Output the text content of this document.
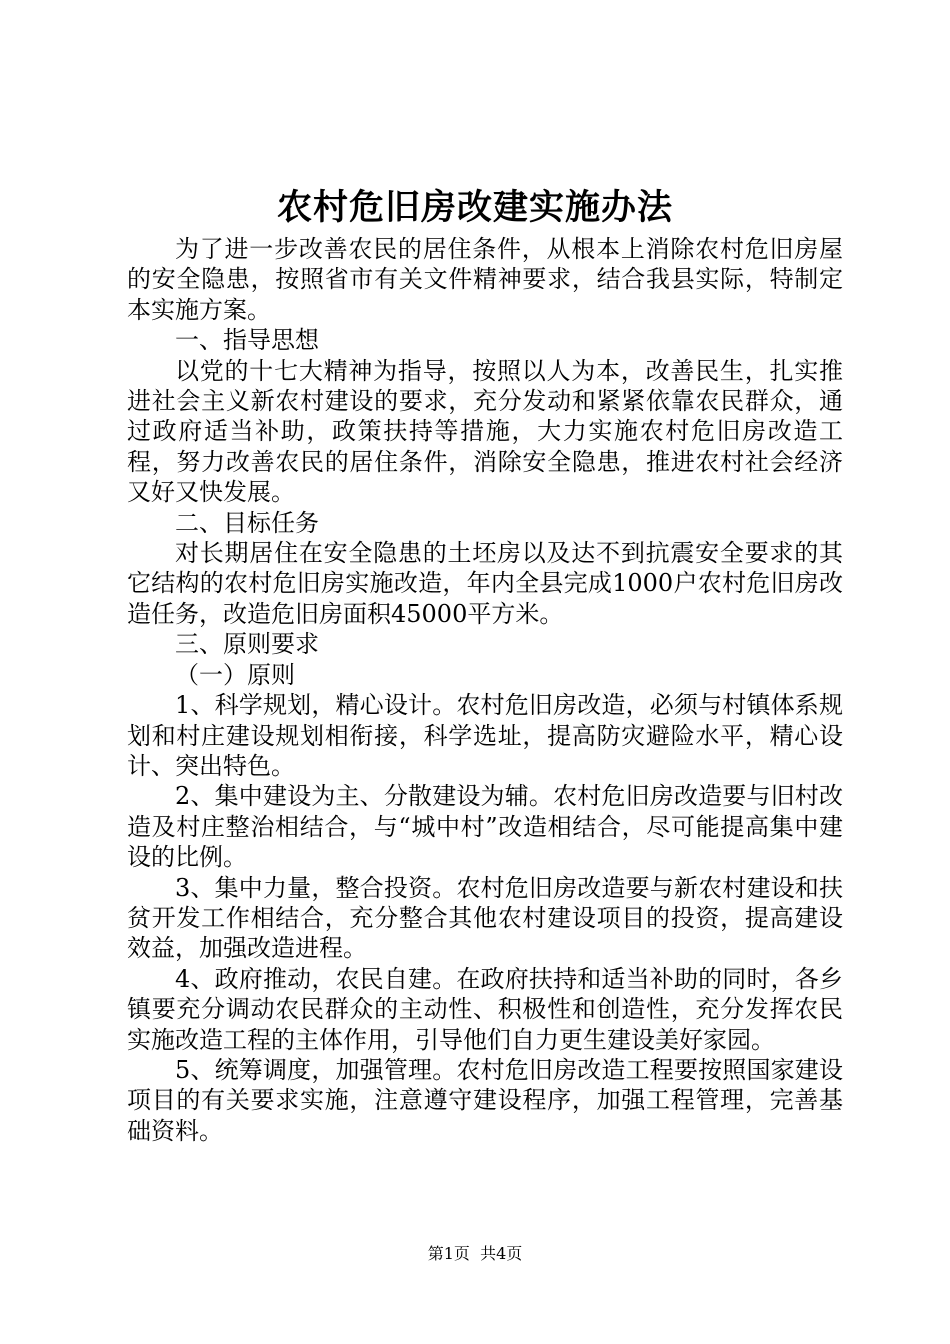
农村危旧房改建实施办法

为了进一步改善农民的居住条件，从根本上消除农村危旧房屋的安全隐患，按照省市有关文件精神要求，结合我县实际，特制定本实施方案。

一、指导思想

以党的十七大精神为指导，按照以人为本，改善民生，扎实推进社会主义新农村建设的要求，充分发动和紧紧依靠农民群众，通过政府适当补助，政策扶持等措施，大力实施农村危旧房改造工程，努力改善农民的居住条件，消除安全隐患，推进农村社会经济又好又快发展。

二、目标任务

对长期居住在安全隐患的土坯房以及达不到抗震安全要求的其它结构的农村危旧房实施改造，年内全县完成1000户农村危旧房改造任务，改造危旧房面积45000平方米。

三、原则要求

（一）原则

1、科学规划，精心设计。农村危旧房改造，必须与村镇体系规划和村庄建设规划相衔接，科学选址，提高防灾避险水平，精心设计、突出特色。

2、集中建设为主、分散建设为辅。农村危旧房改造要与旧村改造及村庄整治相结合，与“城中村”改造相结合，尽可能提高集中建设的比例。

3、集中力量，整合投资。农村危旧房改造要与新农村建设和扶贫开发工作相结合，充分整合其他农村建设项目的投资，提高建设效益，加强改造进程。

4、政府推动，农民自建。在政府扶持和适当补助的同时，各乡镇要充分调动农民群众的主动性、积极性和创造性，充分发挥农民实施改造工程的主体作用，引导他们自力更生建设美好家园。

5、统筹调度，加强管理。农村危旧房改造工程要按照国家建设项目的有关要求实施，注意遵守建设程序，加强工程管理，完善基础资料。

第1页 共4页
